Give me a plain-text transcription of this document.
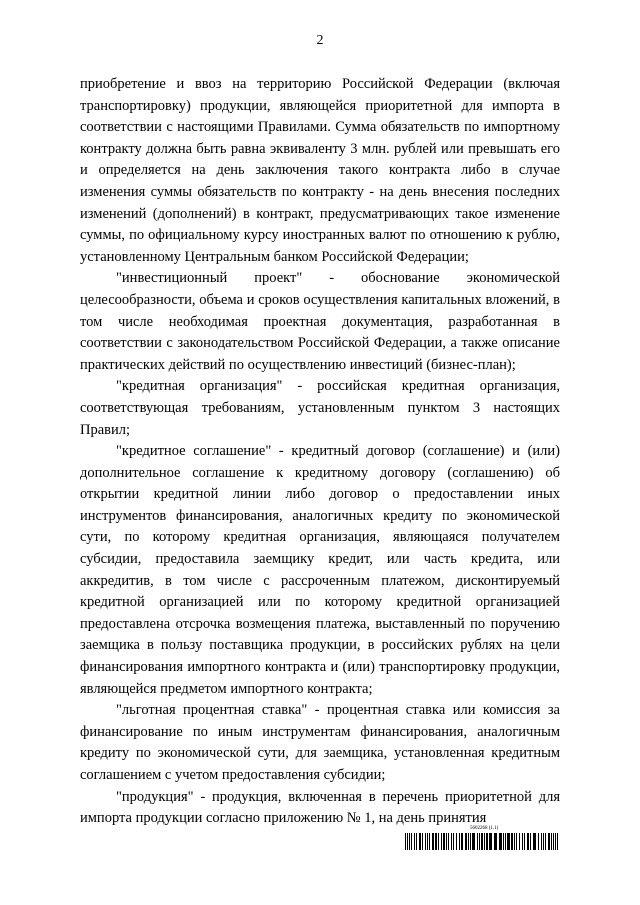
2

приобретение и ввоз на территорию Российской Федерации (включая транспортировку) продукции, являющейся приоритетной для импорта в соответствии с настоящими Правилами. Сумма обязательств по импортному контракту должна быть равна эквиваленту 3 млн. рублей или превышать его и определяется на день заключения такого контракта либо в случае изменения суммы обязательств по контракту - на день внесения последних изменений (дополнений) в контракт, предусматривающих такое изменение суммы, по официальному курсу иностранных валют по отношению к рублю, установленному Центральным банком Российской Федерации;

"инвестиционный проект" - обоснование экономической целесообразности, объема и сроков осуществления капитальных вложений, в том числе необходимая проектная документация, разработанная в соответствии с законодательством Российской Федерации, а также описание практических действий по осуществлению инвестиций (бизнес-план);

"кредитная организация" - российская кредитная организация, соответствующая требованиям, установленным пунктом 3 настоящих Правил;

"кредитное соглашение" - кредитный договор (соглашение) и (или) дополнительное соглашение к кредитному договору (соглашению) об открытии кредитной линии либо договор о предоставлении иных инструментов финансирования, аналогичных кредиту по экономической сути, по которому кредитная организация, являющаяся получателем субсидии, предоставила заемщику кредит, или часть кредита, или аккредитив, в том числе с рассроченным платежом, дисконтируемый кредитной организацией или по которому кредитной организацией предоставлена отсрочка возмещения платежа, выставленный по поручению заемщика в пользу поставщика продукции, в российских рублях на цели финансирования импортного контракта и (или) транспортировку продукции, являющейся предметом импортного контракта;

"льготная процентная ставка" - процентная ставка или комиссия за финансирование по иным инструментам финансирования, аналогичным кредиту по экономической сути, для заемщика, установленная кредитным соглашением с учетом предоставления субсидии;

"продукция" - продукция, включенная в перечень приоритетной для импорта продукции согласно приложению № 1, на день принятия

5602268 (1.1)
